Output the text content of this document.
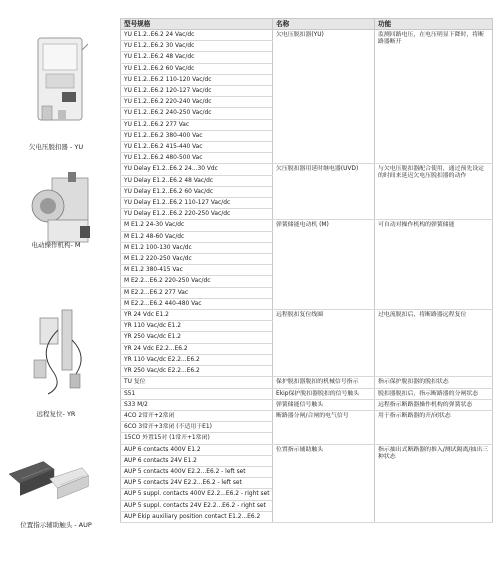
欠电压脱扣器 - YU
电动操作机构- M
远程复位- YR
位置指示辅助触头 - AUP
型号规格	名称	功能
YU E1.2..E6.2 24 Vac/dc	欠电压脱扣器(YU)	监测回路电压，在电压明显下降时，将断路器断开
YU E1.2..E6.2 30 Vac/dc		
YU E1.2..E6.2 48 Vac/dc		
YU E1.2..E6.2 60 Vac/dc		
YU E1.2..E6.2 110-120 Vac/dc		
YU E1.2..E6.2 120-127 Vac/dc		
YU E1.2..E6.2 220-240 Vac/dc		
YU E1.2..E6.2 240-250 Vac/dc		
YU E1.2..E6.2 277 Vac		
YU E1.2..E6.2 380-400 Vac		
YU E1.2..E6.2 415-440 Vac		
YU E1.2..E6.2 480-500 Vac		
YU Delay E1.2..E6.2 24...30 Vdc	欠压脱扣器用延时继电器(UVD)	与欠电压脱扣器配合使用，通过预先设定的时间来延迟欠电压脱扣器的动作
YU Delay E1.2..E6.2 48 Vac/dc		
YU Delay E1.2..E6.2 60 Vac/dc		
YU Delay E1.2..E6.2 110-127 Vac/dc		
YU Delay E1.2..E6.2 220-250 Vac/dc		
M E1.2 24-30 Vac/dc	弹簧储能电动机 (M)	可自动对操作机构的弹簧储能
M E1.2 48-60 Vac/dc		
M E1.2 100-130 Vac/dc		
M E1.2 220-250 Vac/dc		
M E1.2 380-415 Vac		
M E2.2...E6.2 220-250 Vac/dc		
M E2.2...E6.2 277 Vac		
M E2.2...E6.2 440-480 Vac		
YR 24 Vdc E1.2	远程脱扣复位线圈	过电流脱扣后，将断路器远程复位
YR 110 Vac/dc E1.2		
YR 250 Vac/dc E1.2		
YR 24 Vdc E2.2...E6.2		
YR 110 Vac/dc E2.2...E6.2		
YR 250 Vac/dc E2.2...E6.2		
TU 复位	保护脱扣器脱扣的机械信号指示	指示保护脱扣器的脱扣状态
S51	Ekip保护脱扣器脱扣的信号触头	脱扣器脱扣后，指示断路器的分闸状态
S33 M/2	弹簧储能信号触头	远程指示断路器操作机构的弹簧状态
4CO 2常开+2常闭	断路器分闸/合闸的电气信号	用于指示断路器的开/闭状态
6CO 3常开+3常闭 (不适用于E1)		
15CO 外置15对 (1常开+1常闭)		
AUP 6 contacts 400V E1.2	位置指示辅助触头	指示抽出式断路器的推入/测试隔离/抽出三种状态
AUP 6 contacts 24V E1.2		
AUP 5 contacts 400V E2.2...E6.2 - left set		
AUP 5 contacts 24V E2.2...E6.2 - left set		
AUP 5 suppl. contacts 400V E2.2...E6.2 - right set		
AUP 5 suppl. contacts 24V E2.2...E6.2 - right set		
AUP Ekip auxiliary position contact E1.2...E6.2		
